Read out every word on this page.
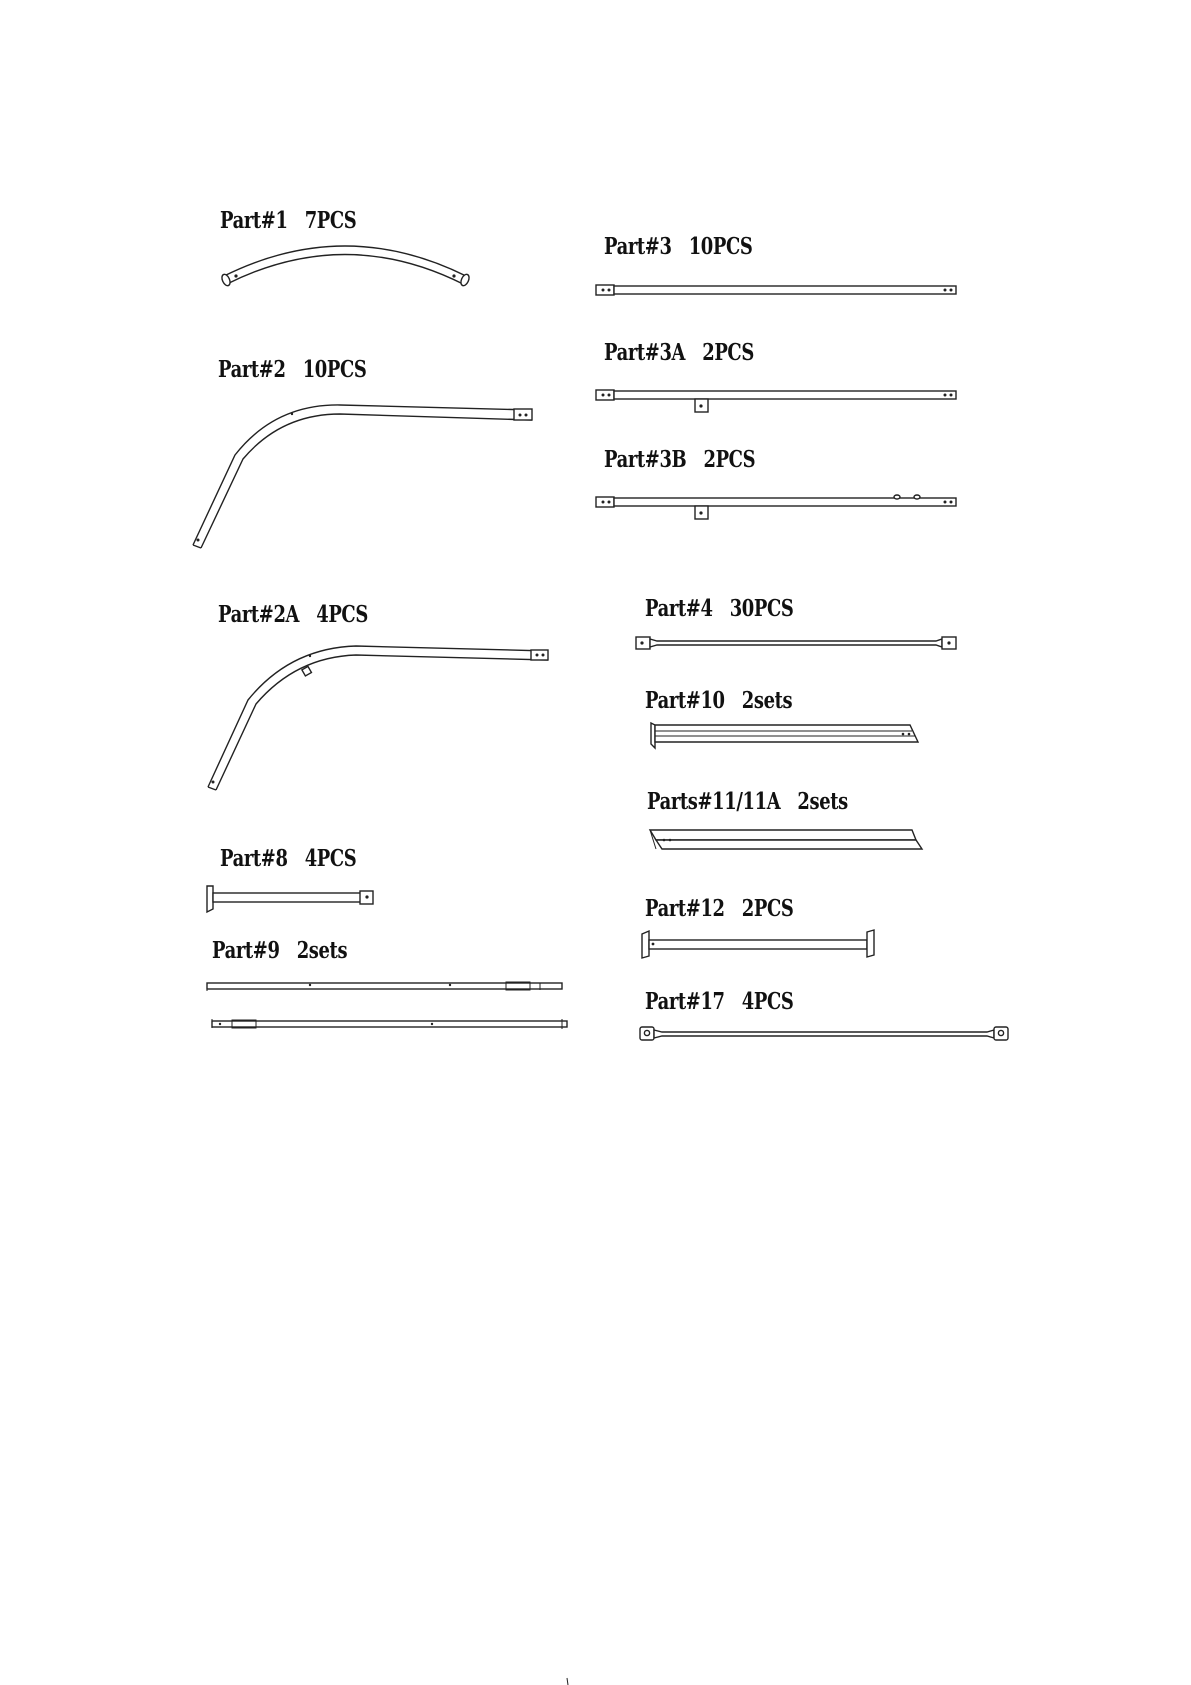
Part#1 7PCS
Part#2 10PCS
Part#2A 4PCS
Part#8 4PCS
Part#9 2sets
Part#3 10PCS
Part#3A 2PCS
Part#3B 2PCS
Part#4 30PCS
Part#10 2sets
Parts#11/11A 2sets
Part#12 2PCS
Part#17 4PCS
